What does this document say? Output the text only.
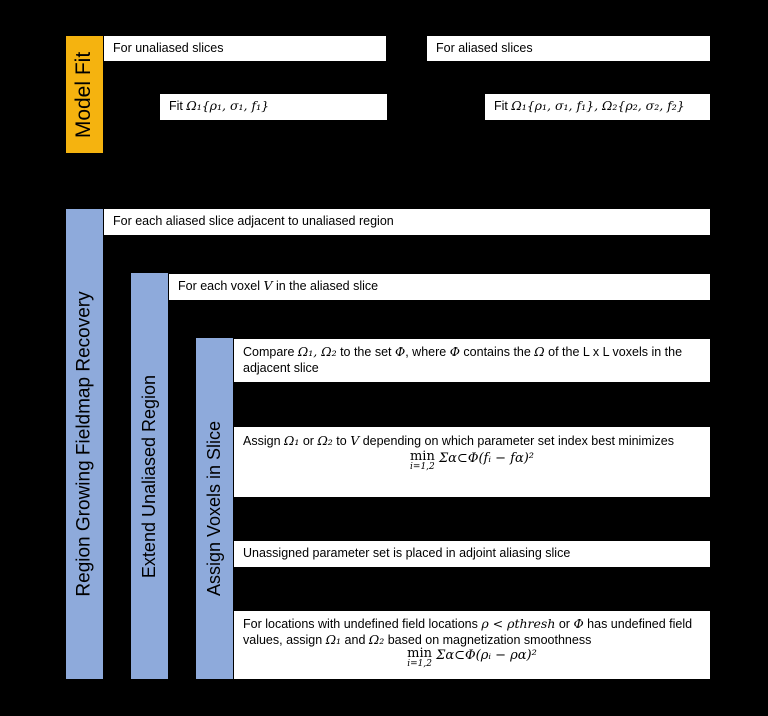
Model Fit
For unaliased slices	For aliased slices
Fit Ω₁{ρ₁, σ₁, f₁}	Fit Ω₁{ρ₁, σ₁, f₁}, Ω₂{ρ₂, σ₂, f₂}
Region Growing Fieldmap Recovery
For each aliased slice adjacent to unaliased region
Extend Unaliased Region
For each voxel V in the aliased slice
Assign Voxels in Slice
Compare Ω₁, Ω₂ to the set Φ, where Φ contains the Ω of the L x L voxels in the adjacent slice
Assign Ω₁ or Ω₂ to V depending on which parameter set index best minimizes
min
i=1,2
Σα⊂Φ(fᵢ − fα)²
Unassigned parameter set is placed in adjoint aliasing slice
For locations with undefined field locations ρ < ρthresh or Φ has undefined field values, assign Ω₁ and Ω₂ based on magnetization smoothness
min
i=1,2
Σα⊂Φ(ρᵢ − ρα)²
